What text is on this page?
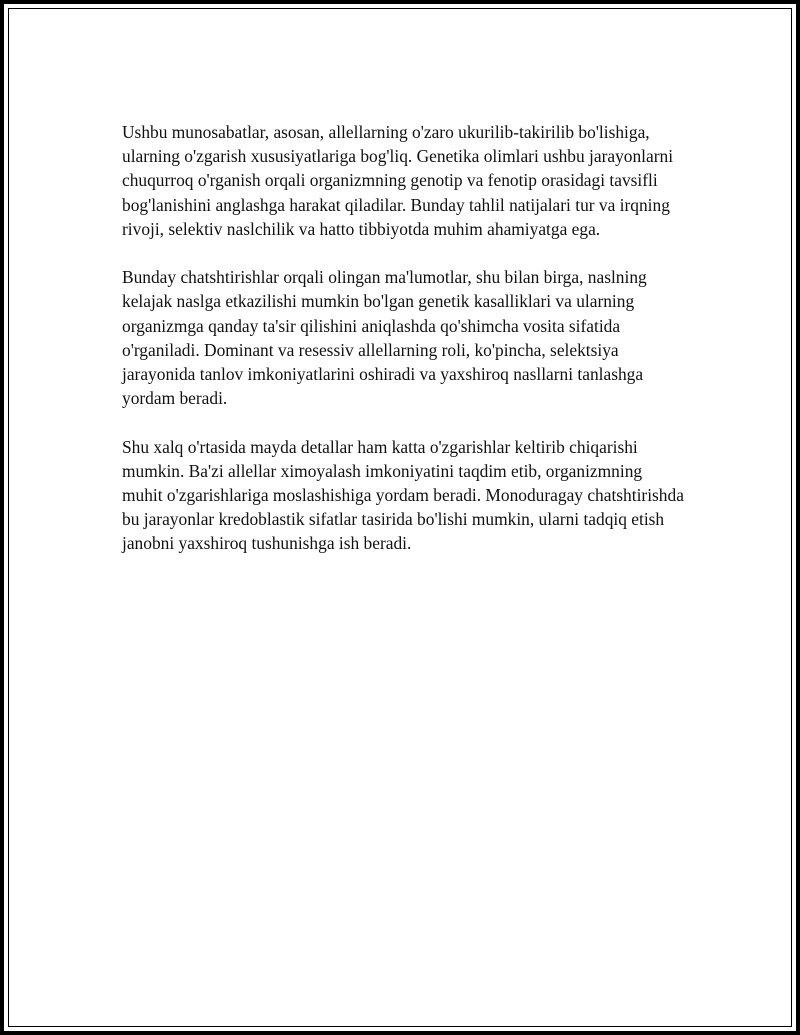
Ushbu munosabatlar, asosan, allellarning o'zaro ukurilib-takirilib bo'lishiga, ularning o'zgarish xususiyatlariga bog'liq. Genetika olimlari ushbu jarayonlarni chuqurroq o'rganish orqali organizmning genotip va fenotip orasidagi tavsifli bog'lanishini anglashga harakat qiladilar. Bunday tahlil natijalari tur va irqning rivoji, selektiv naslchilik va hatto tibbiyotda muhim ahamiyatga ega.

Bunday chatshtirishlar orqali olingan ma'lumotlar, shu bilan birga, naslning kelajak naslga etkazilishi mumkin bo'lgan genetik kasalliklari va ularning organizmga qanday ta'sir qilishini aniqlashda qo'shimcha vosita sifatida o'rganiladi. Dominant va resessiv allellarning roli, ko'pincha, selektsiya jarayonida tanlov imkoniyatlarini oshiradi va yaxshiroq nasllarni tanlashga yordam beradi.

Shu xalq o'rtasida mayda detallar ham katta o'zgarishlar keltirib chiqarishi mumkin. Ba'zi allellar ximoyalash imkoniyatini taqdim etib, organizmning muhit o'zgarishlariga moslashishiga yordam beradi. Monoduragay chatshtirishda bu jarayonlar kredoblastik sifatlar tasirida bo'lishi mumkin, ularni tadqiq etish janobni yaxshiroq tushunishga ish beradi.
